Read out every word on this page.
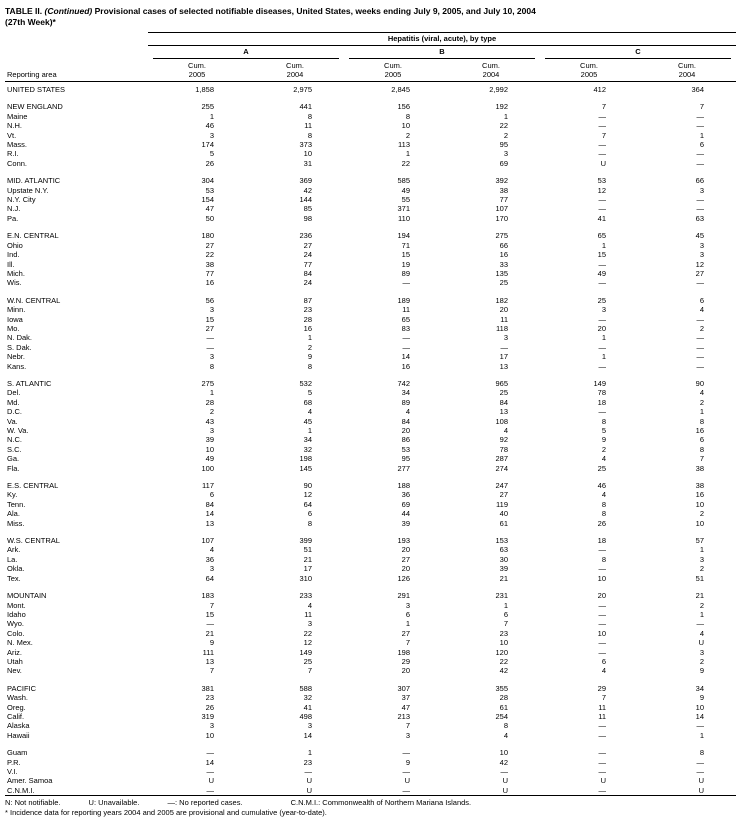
TABLE II. (Continued) Provisional cases of selected notifiable diseases, United States, weeks ending July 9, 2005, and July 10, 2004
(27th Week)*
Reporting area	Hepatitis (viral, acute), by type					

	A		B		C	

	Cum.	Cum.	Cum.	Cum.	Cum.	Cum.
	2005	2004	2005	2004	2005	2004
UNITED STATES	1,858	2,975	2,845	2,992	412	364

NEW ENGLAND	255	441	156	192	7	7
Maine	1	8	8	1	—	—
N.H.	46	11	10	22	—	—
Vt.	3	8	2	2	7	1
Mass.	174	373	113	95	—	6
R.I.	5	10	1	3	—	—
Conn.	26	31	22	69	U	—

MID. ATLANTIC	304	369	585	392	53	66
Upstate N.Y.	53	42	49	38	12	3
N.Y. City	154	144	55	77	—	—
N.J.	47	85	371	107	—	—
Pa.	50	98	110	170	41	63

E.N. CENTRAL	180	236	194	275	65	45
Ohio	27	27	71	66	1	3
Ind.	22	24	15	16	15	3
Ill.	38	77	19	33	—	12
Mich.	77	84	89	135	49	27
Wis.	16	24	—	25	—	—

W.N. CENTRAL	56	87	189	182	25	6
Minn.	3	23	11	20	3	4
Iowa	15	28	65	11	—	—
Mo.	27	16	83	118	20	2
N. Dak.	—	1	—	3	1	—
S. Dak.	—	2	—	—	—	—
Nebr.	3	9	14	17	1	—
Kans.	8	8	16	13	—	—

S. ATLANTIC	275	532	742	965	149	90
Del.	1	5	34	25	78	4
Md.	28	68	89	84	18	2
D.C.	2	4	4	13	—	1
Va.	43	45	84	108	8	8
W. Va.	3	1	20	4	5	16
N.C.	39	34	86	92	9	6
S.C.	10	32	53	78	2	8
Ga.	49	198	95	287	4	7
Fla.	100	145	277	274	25	38

E.S. CENTRAL	117	90	188	247	46	38
Ky.	6	12	36	27	4	16
Tenn.	84	64	69	119	8	10
Ala.	14	6	44	40	8	2
Miss.	13	8	39	61	26	10

W.S. CENTRAL	107	399	193	153	18	57
Ark.	4	51	20	63	—	1
La.	36	21	27	30	8	3
Okla.	3	17	20	39	—	2
Tex.	64	310	126	21	10	51

MOUNTAIN	183	233	291	231	20	21
Mont.	7	4	3	1	—	2
Idaho	15	11	6	6	—	1
Wyo.	—	3	1	7	—	—
Colo.	21	22	27	23	10	4
N. Mex.	9	12	7	10	—	U
Ariz.	111	149	198	120	—	3
Utah	13	25	29	22	6	2
Nev.	7	7	20	42	4	9

PACIFIC	381	588	307	355	29	34
Wash.	23	32	37	28	7	9
Oreg.	26	41	47	61	11	10
Calif.	319	498	213	254	11	14
Alaska	3	3	7	8	—	—
Hawaii	10	14	3	4	—	1

Guam	—	1	—	10	—	8
P.R.	14	23	9	42	—	—
V.I.	—	—	—	—	—	—
Amer. Samoa	U	U	U	U	U	U
C.N.M.I.	—	U	—	U	—	U
N: Not notifiable.	U: Unavailable.	—: No reported cases.	C.N.M.I.: Commonwealth of Northern Mariana Islands.
* Incidence data for reporting years 2004 and 2005 are provisional and cumulative (year-to-date).
